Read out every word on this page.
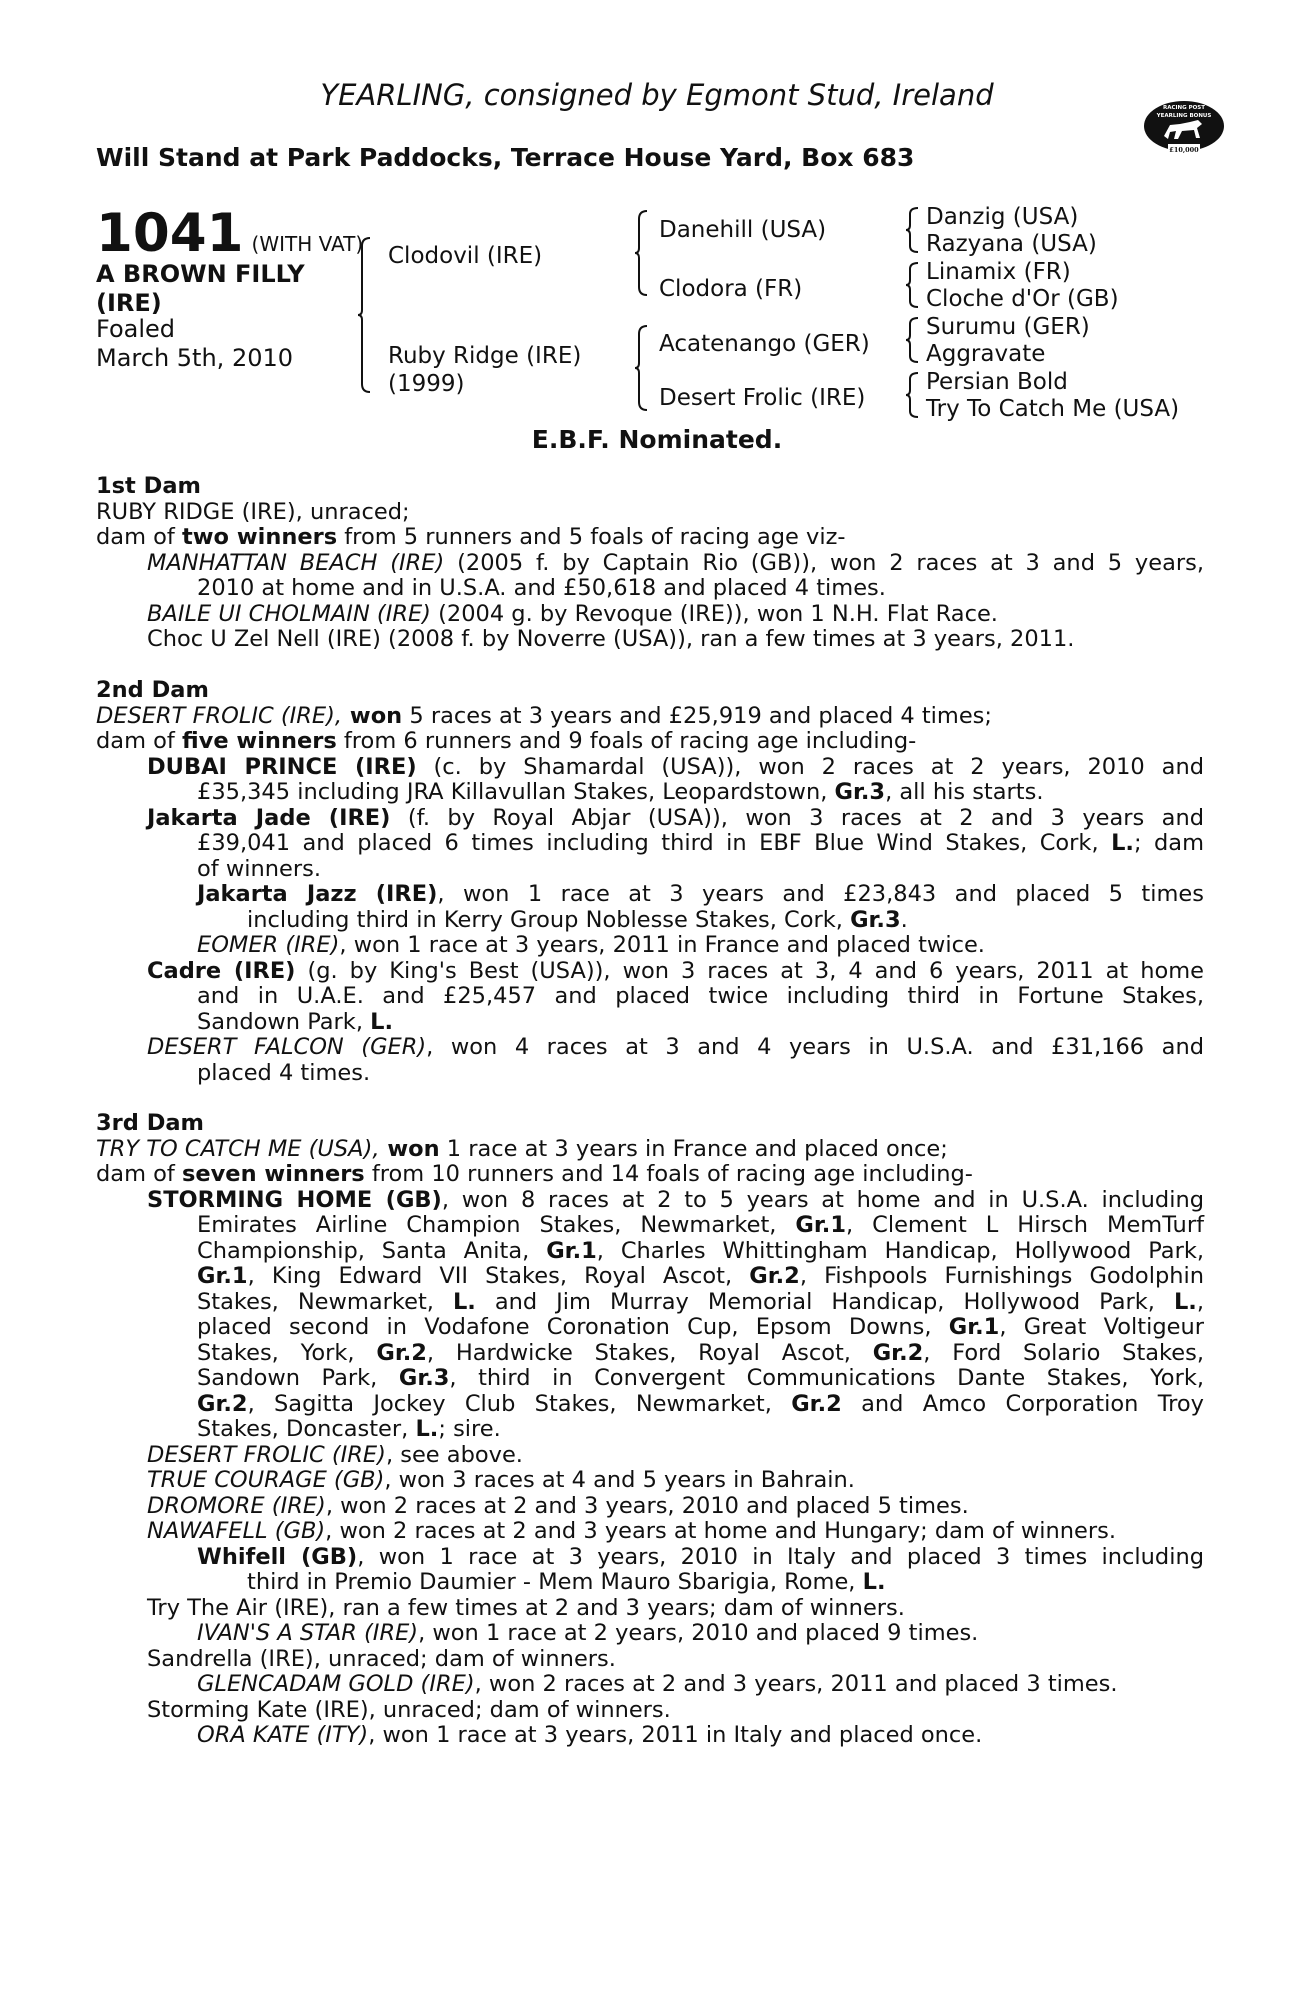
YEARLING, consigned by Egmont Stud, Ireland
Will Stand at Park Paddocks, Terrace House Yard, Box 683
RACING POST
YEARLING BONUS
£10,000
1041 (WITH VAT)
A BROWN FILLY
(IRE)
Foaled
March 5th, 2010
Clodovil (IRE)
Ruby Ridge (IRE)
(1999)
Danehill (USA)
Clodora (FR)
Acatenango (GER)
Desert Frolic (IRE)
Danzig (USA)
Razyana (USA)
Linamix (FR)
Cloche d'Or (GB)
Surumu (GER)
Aggravate
Persian Bold
Try To Catch Me (USA)
E.B.F. Nominated.
1st Dam
RUBY RIDGE (IRE), unraced;
dam of two winners from 5 runners and 5 foals of racing age viz-
MANHATTAN BEACH (IRE) (2005 f. by Captain Rio (GB)), won 2 races at 3 and 5 years,
2010 at home and in U.S.A. and £50,618 and placed 4 times.
BAILE UI CHOLMAIN (IRE) (2004 g. by Revoque (IRE)), won 1 N.H. Flat Race.
Choc U Zel Nell (IRE) (2008 f. by Noverre (USA)), ran a few times at 3 years, 2011.
2nd Dam
DESERT FROLIC (IRE), won 5 races at 3 years and £25,919 and placed 4 times;
dam of five winners from 6 runners and 9 foals of racing age including-
DUBAI PRINCE (IRE) (c. by Shamardal (USA)), won 2 races at 2 years, 2010 and
£35,345 including JRA Killavullan Stakes, Leopardstown, Gr.3, all his starts.
Jakarta Jade (IRE) (f. by Royal Abjar (USA)), won 3 races at 2 and 3 years and
£39,041 and placed 6 times including third in EBF Blue Wind Stakes, Cork, L.; dam
of winners.
Jakarta Jazz (IRE), won 1 race at 3 years and £23,843 and placed 5 times
including third in Kerry Group Noblesse Stakes, Cork, Gr.3.
EOMER (IRE), won 1 race at 3 years, 2011 in France and placed twice.
Cadre (IRE) (g. by King's Best (USA)), won 3 races at 3, 4 and 6 years, 2011 at home
and in U.A.E. and £25,457 and placed twice including third in Fortune Stakes,
Sandown Park, L.
DESERT FALCON (GER), won 4 races at 3 and 4 years in U.S.A. and £31,166 and
placed 4 times.
3rd Dam
TRY TO CATCH ME (USA), won 1 race at 3 years in France and placed once;
dam of seven winners from 10 runners and 14 foals of racing age including-
STORMING HOME (GB), won 8 races at 2 to 5 years at home and in U.S.A. including
Emirates Airline Champion Stakes, Newmarket, Gr.1, Clement L Hirsch MemTurf
Championship, Santa Anita, Gr.1, Charles Whittingham Handicap, Hollywood Park,
Gr.1, King Edward VII Stakes, Royal Ascot, Gr.2, Fishpools Furnishings Godolphin
Stakes, Newmarket, L. and Jim Murray Memorial Handicap, Hollywood Park, L.,
placed second in Vodafone Coronation Cup, Epsom Downs, Gr.1, Great Voltigeur
Stakes, York, Gr.2, Hardwicke Stakes, Royal Ascot, Gr.2, Ford Solario Stakes,
Sandown Park, Gr.3, third in Convergent Communications Dante Stakes, York,
Gr.2, Sagitta Jockey Club Stakes, Newmarket, Gr.2 and Amco Corporation Troy
Stakes, Doncaster, L.; sire.
DESERT FROLIC (IRE), see above.
TRUE COURAGE (GB), won 3 races at 4 and 5 years in Bahrain.
DROMORE (IRE), won 2 races at 2 and 3 years, 2010 and placed 5 times.
NAWAFELL (GB), won 2 races at 2 and 3 years at home and Hungary; dam of winners.
Whifell (GB), won 1 race at 3 years, 2010 in Italy and placed 3 times including
third in Premio Daumier - Mem Mauro Sbarigia, Rome, L.
Try The Air (IRE), ran a few times at 2 and 3 years; dam of winners.
IVAN'S A STAR (IRE), won 1 race at 2 years, 2010 and placed 9 times.
Sandrella (IRE), unraced; dam of winners.
GLENCADAM GOLD (IRE), won 2 races at 2 and 3 years, 2011 and placed 3 times.
Storming Kate (IRE), unraced; dam of winners.
ORA KATE (ITY), won 1 race at 3 years, 2011 in Italy and placed once.
